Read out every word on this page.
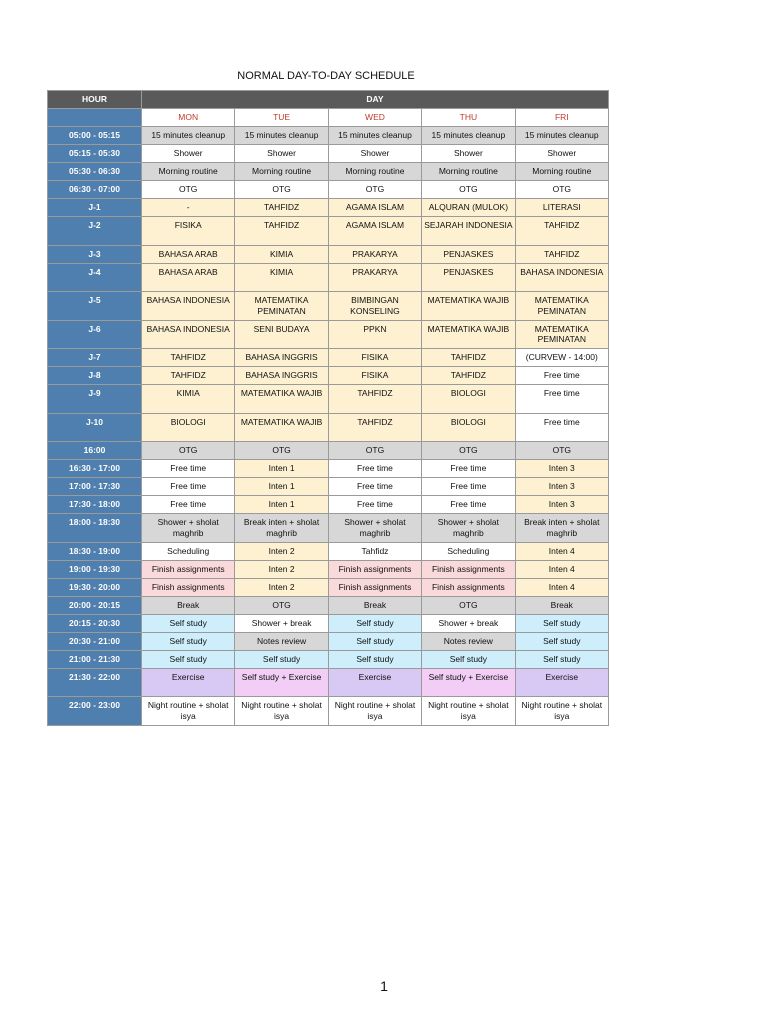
NORMAL DAY-TO-DAY SCHEDULE
HOUR	DAY				
	MON	TUE	WED	THU	FRI
05:00 - 05:15	15 minutes cleanup	15 minutes cleanup	15 minutes cleanup	15 minutes cleanup	15 minutes cleanup
05:15 - 05:30	Shower	Shower	Shower	Shower	Shower
05:30 - 06:30	Morning routine	Morning routine	Morning routine	Morning routine	Morning routine
06:30 - 07:00	OTG	OTG	OTG	OTG	OTG
J-1	-	TAHFIDZ	AGAMA ISLAM	ALQURAN (MULOK)	LITERASI
J-2	FISIKA	TAHFIDZ	AGAMA ISLAM	SEJARAH INDONESIA	TAHFIDZ
J-3	BAHASA ARAB	KIMIA	PRAKARYA	PENJASKES	TAHFIDZ
J-4	BAHASA ARAB	KIMIA	PRAKARYA	PENJASKES	BAHASA INDONESIA
J-5	BAHASA INDONESIA	MATEMATIKA PEMINATAN	BIMBINGAN KONSELING	MATEMATIKA WAJIB	MATEMATIKA PEMINATAN
J-6	BAHASA INDONESIA	SENI BUDAYA	PPKN	MATEMATIKA WAJIB	MATEMATIKA PEMINATAN
J-7	TAHFIDZ	BAHASA INGGRIS	FISIKA	TAHFIDZ	(CURVEW - 14:00)
J-8	TAHFIDZ	BAHASA INGGRIS	FISIKA	TAHFIDZ	Free time
J-9	KIMIA	MATEMATIKA WAJIB	TAHFIDZ	BIOLOGI	Free time
J-10	BIOLOGI	MATEMATIKA WAJIB	TAHFIDZ	BIOLOGI	Free time
16:00	OTG	OTG	OTG	OTG	OTG
16:30 - 17:00	Free time	Inten 1	Free time	Free time	Inten 3
17:00 - 17:30	Free time	Inten 1	Free time	Free time	Inten 3
17:30 - 18:00	Free time	Inten 1	Free time	Free time	Inten 3
18:00 - 18:30	Shower + sholat maghrib	Break inten + sholat maghrib	Shower + sholat maghrib	Shower + sholat maghrib	Break inten + sholat maghrib
18:30 - 19:00	Scheduling	Inten 2	Tahfidz	Scheduling	Inten 4
19:00 - 19:30	Finish assignments	Inten 2	Finish assignments	Finish assignments	Inten 4
19:30 - 20:00	Finish assignments	Inten 2	Finish assignments	Finish assignments	Inten 4
20:00 - 20:15	Break	OTG	Break	OTG	Break
20:15 - 20:30	Self study	Shower + break	Self study	Shower + break	Self study
20:30 - 21:00	Self study	Notes review	Self study	Notes review	Self study
21:00 - 21:30	Self study	Self study	Self study	Self study	Self study
21:30 - 22:00	Exercise	Self study + Exercise	Exercise	Self study + Exercise	Exercise
22:00 - 23:00	Night routine + sholat isya	Night routine + sholat isya	Night routine + sholat isya	Night routine + sholat isya	Night routine + sholat isya
1
